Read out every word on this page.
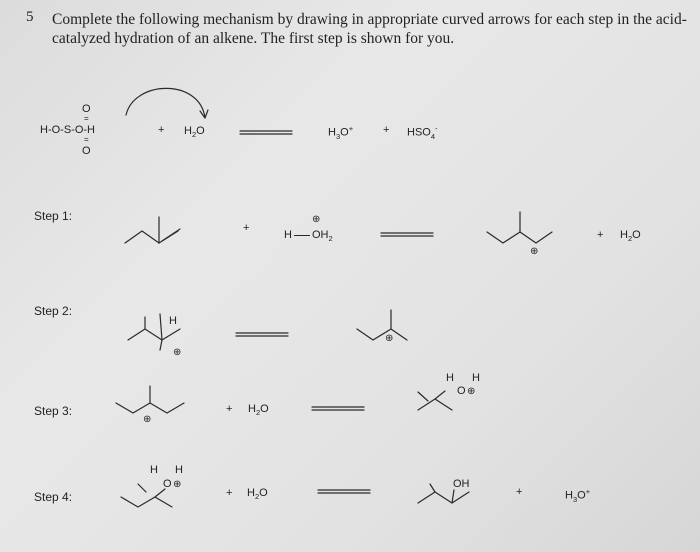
5 Complete the following mechanism by drawing in appropriate curved arrows for each step in the acid-catalyzed hydration of an alkene. The first step is shown for you.
O
=
H-O-S-O-H
=
O
+ $H_2O$	$H_3O^+$	+ $HSO_4^-$
Step 1:
+
⊕
H $OH_2$
⊕
+ $H_2O$
Step 2:
H
⊕
⊕
Step 3:
⊕
+ $H_2O$
H H
O ⊕
Step 4:
H H
O ⊕
+ $H_2O$
OH
+	$H_3O^+$
